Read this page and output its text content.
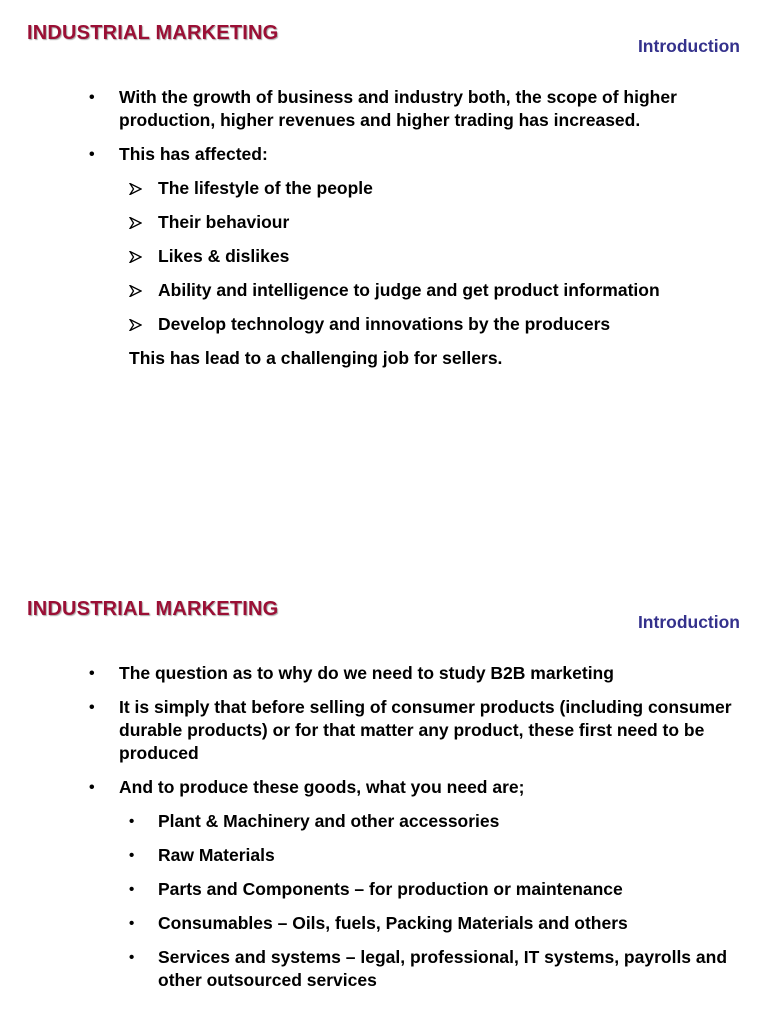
INDUSTRIAL MARKETING
Introduction
• With the growth of business and industry both, the scope of higher production, higher revenues and higher trading has increased.
• This has affected:
The lifestyle of the people
Their behaviour
Likes & dislikes
Ability and intelligence to judge and get product information
Develop technology and innovations by the producers
This has lead to a challenging job for sellers.
INDUSTRIAL MARKETING
Introduction
• The question as to why do we need to study B2B marketing
• It is simply that before selling of consumer products (including consumer durable products) or for that matter any product, these first need to be produced
• And to produce these goods, what you need are;
• Plant & Machinery and other accessories
• Raw Materials
• Parts and Components – for production or maintenance
• Consumables – Oils, fuels, Packing Materials and others
• Services and systems – legal, professional, IT systems, payrolls and other outsourced services
